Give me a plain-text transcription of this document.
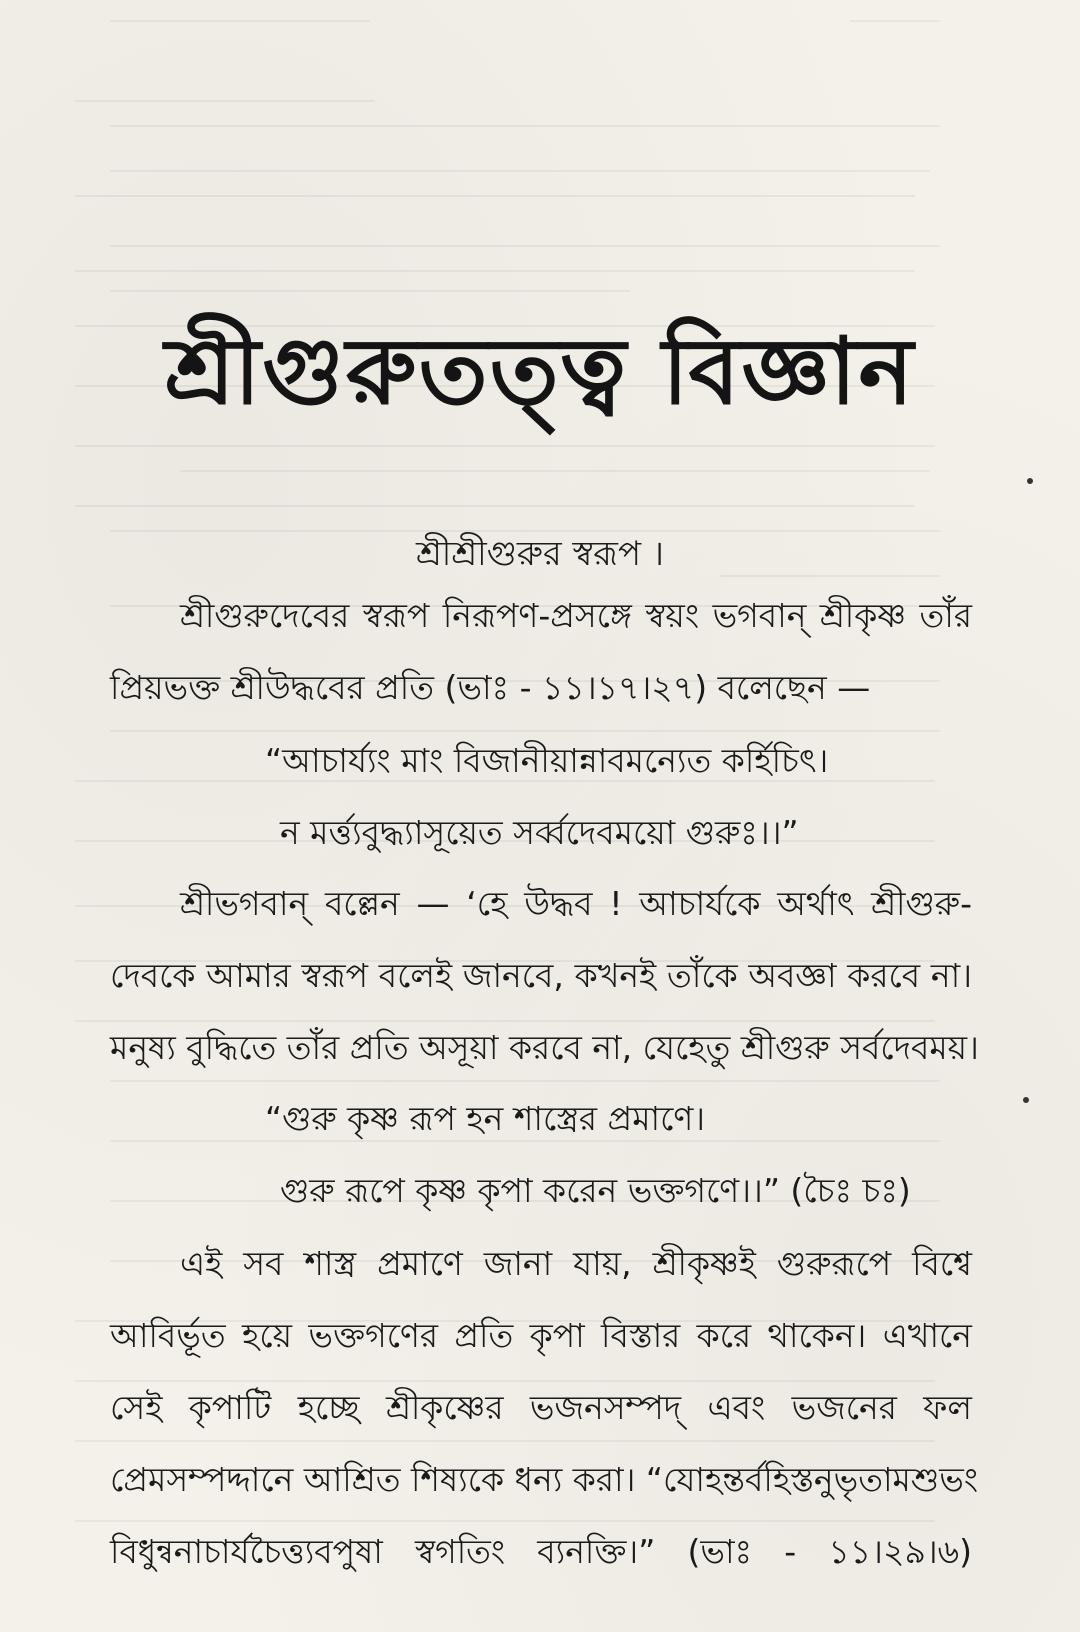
শ্রীগুরুতত্ত্ব বিজ্ঞান
শ্রীশ্রীগুরুর স্বরূপ ।
শ্রীগুরুদেবের স্বরূপ নিরূপণ-প্রসঙ্গে স্বয়ং ভগবান্ শ্রীকৃষ্ণ তাঁর
প্রিয়ভক্ত শ্রীউদ্ধবের প্রতি (ভাঃ - ১১।১৭।২৭) বলেছেন —
“আচার্য্যং মাং বিজানীয়ান্নাবমন্যেত কর্হিচিৎ।
ন মর্ত্ত্যবুদ্ধ্যাসূয়েত সর্ব্বদেবময়ো গুরুঃ।।”
শ্রীভগবান্ বল্লেন — ‘হে উদ্ধব ! আচার্যকে অর্থাৎ শ্রীগুরু-
দেবকে আমার স্বরূপ বলেই জানবে, কখনই তাঁকে অবজ্ঞা করবে না।
মনুষ্য বুদ্ধিতে তাঁর প্রতি অসূয়া করবে না, যেহেতু শ্রীগুরু সর্বদেবময়।
“গুরু কৃষ্ণ রূপ হন শাস্ত্রের প্রমাণে।
গুরু রূপে কৃষ্ণ কৃপা করেন ভক্তগণে।।” (চৈঃ চঃ)
এই সব শাস্ত্র প্রমাণে জানা যায়, শ্রীকৃষ্ণই গুরুরূপে বিশ্বে
আবির্ভূত হয়ে ভক্তগণের প্রতি কৃপা বিস্তার করে থাকেন। এখানে
সেই কৃপাটি হচ্ছে শ্রীকৃষ্ণের ভজনসম্পদ্ এবং ভজনের ফল
প্রেমসম্পদ্দানে আশ্রিত শিষ্যকে ধন্য করা। “যোহন্তর্বহিস্তনুভৃতামশুভং
বিধুন্বনাচার্যচৈত্ত্যবপুষা স্বগতিং ব্যনক্তি।” (ভাঃ - ১১।২৯।৬)
